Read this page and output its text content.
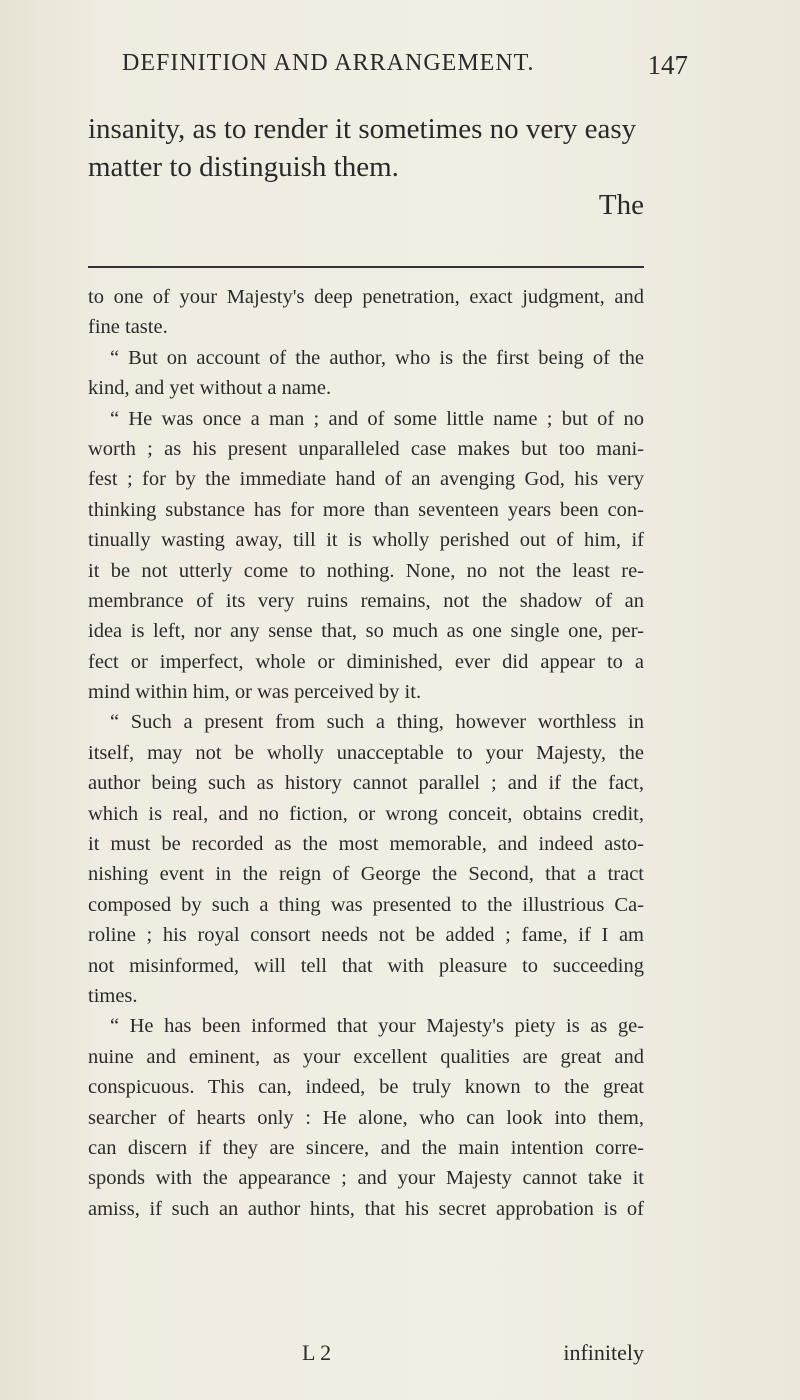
DEFINITION AND ARRANGEMENT.	147
insanity, as to render it sometimes no very easy
matter to distinguish them.
The
to one of your Majesty's deep penetration, exact judgment, and
fine taste.
“ But on account of the author, who is the first being of the
kind, and yet without a name.
“ He was once a man ; and of some little name ; but of no
worth ; as his present unparalleled case makes but too mani-
fest ; for by the immediate hand of an avenging God, his very
thinking substance has for more than seventeen years been con-
tinually wasting away, till it is wholly perished out of him, if
it be not utterly come to nothing. None, no not the least re-
membrance of its very ruins remains, not the shadow of an
idea is left, nor any sense that, so much as one single one, per-
fect or imperfect, whole or diminished, ever did appear to a
mind within him, or was perceived by it.
“ Such a present from such a thing, however worthless in
itself, may not be wholly unacceptable to your Majesty, the
author being such as history cannot parallel ; and if the fact,
which is real, and no fiction, or wrong conceit, obtains credit,
it must be recorded as the most memorable, and indeed asto-
nishing event in the reign of George the Second, that a tract
composed by such a thing was presented to the illustrious Ca-
roline ; his royal consort needs not be added ; fame, if I am
not misinformed, will tell that with pleasure to succeeding
times.
“ He has been informed that your Majesty's piety is as ge-
nuine and eminent, as your excellent qualities are great and
conspicuous. This can, indeed, be truly known to the great
searcher of hearts only : He alone, who can look into them,
can discern if they are sincere, and the main intention corre-
sponds with the appearance ; and your Majesty cannot take it
amiss, if such an author hints, that his secret approbation is of
L 2	infinitely
